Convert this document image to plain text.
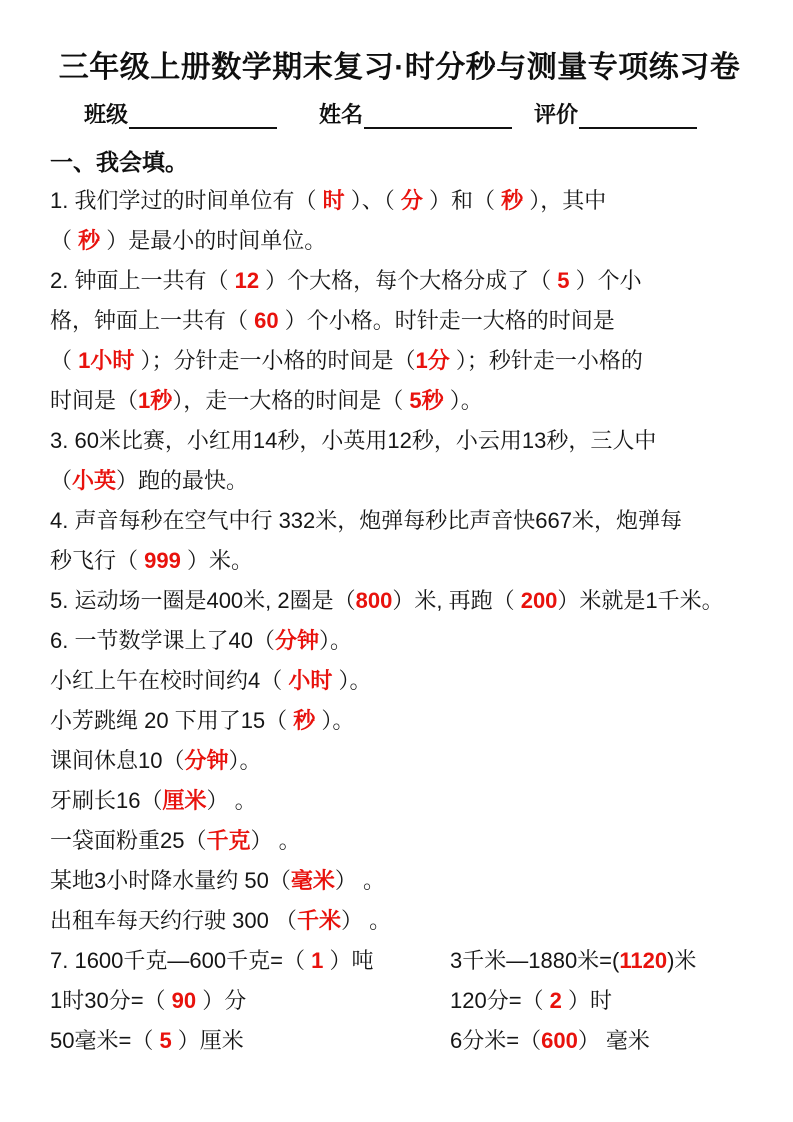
三年级上册数学期末复习·时分秒与测量专项练习卷
班级	姓名	评价
一、我会填。
1. 我们学过的时间单位有（ 时 ）、（ 分 ）和（ 秒 ），其中
（ 秒 ）是最小的时间单位。
2. 钟面上一共有（ 12 ）个大格，每个大格分成了（ 5 ）个小
格，钟面上一共有（ 60 ）个小格。时针走一大格的时间是
（ 1小时 ）；分针走一小格的时间是（1分 ）；秒针走一小格的
时间是（1秒），走一大格的时间是（ 5秒 ）。
3. 60米比赛，小红用14秒，小英用12秒，小云用13秒，三人中
（小英）跑的最快。
4. 声音每秒在空气中行 332米，炮弹每秒比声音快667米，炮弹每
秒飞行（ 999 ）米。
5. 运动场一圈是400米, 2圈是（800）米, 再跑（ 200）米就是1千米。
6. 一节数学课上了40（分钟）。
小红上午在校时间约4（ 小时 ）。
小芳跳绳 20 下用了15（ 秒 ）。
课间休息10（分钟）。
牙刷长16（厘米） 。
一袋面粉重25（千克） 。
某地3小时降水量约 50（毫米） 。
出租车每天约行驶 300 （千米） 。
7. 1600千克—600千克=（ 1 ）吨	3千米—1880米=(1120)米
1时30分=（ 90 ）分	120分=（ 2 ）时
50毫米=（ 5 ）厘米	6分米=（600） 毫米
